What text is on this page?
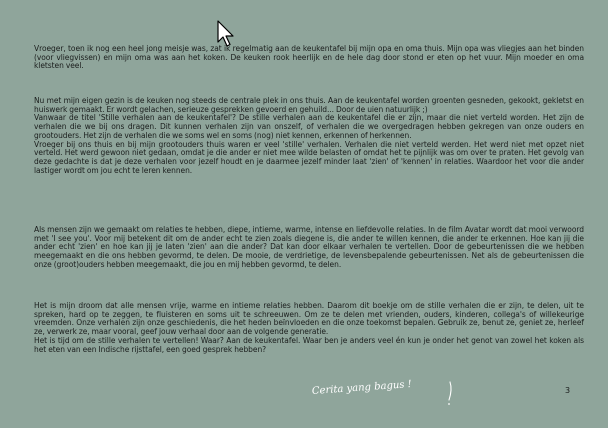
Vroeger, toen ik nog een heel jong meisje was, zat ik regelmatig aan de keukentafel bij mijn opa en oma thuis. Mijn opa was vliegjes aan het binden (voor vliegvissen) en mijn oma was aan het koken. De keuken rook heerlijk en de hele dag door stond er eten op het vuur. Mijn moeder en oma kletsten veel.
Nu met mijn eigen gezin is de keuken nog steeds de centrale plek in ons thuis. Aan de keukentafel worden groenten gesneden, gekookt, gekletst en huiswerk gemaakt. Er wordt gelachen, serieuze gesprekken gevoerd en gehuild... Door de uien natuurlijk ;)
Vanwaar de titel 'Stille verhalen aan de keukentafel'? De stille verhalen aan de keukentafel die er zijn, maar die niet verteld worden. Het zijn de verhalen die we bij ons dragen. Dit kunnen verhalen zijn van onszelf, of verhalen die we overgedragen hebben gekregen van onze ouders en grootouders. Het zijn de verhalen die we soms wel en soms (nog) niet kennen, erkennen of herkennen.
Vroeger bij ons thuis en bij mijn grootouders thuis waren er veel 'stille' verhalen. Verhalen die niet verteld werden. Het werd niet met opzet niet verteld. Het werd gewoon niet gedaan, omdat je die ander er niet mee wilde belasten of omdat het te pijnlijk was om over te praten. Het gevolg van deze gedachte is dat je deze verhalen voor jezelf houdt en je daarmee jezelf minder laat 'zien' of 'kennen' in relaties. Waardoor het voor die ander lastiger wordt om jou echt te leren kennen.
Als mensen zijn we gemaakt om relaties te hebben, diepe, intieme, warme, intense en liefdevolle relaties. In de film Avatar wordt dat mooi verwoord met 'I see you'. Voor mij betekent dit om de ander echt te zien zoals diegene is, die ander te willen kennen, die ander te erkennen. Hoe kan jij die ander echt 'zien' en hoe kan jij je laten 'zien' aan die ander? Dat kan door elkaar verhalen te vertellen. Door de gebeurtenissen die we hebben meegemaakt en die ons hebben gevormd, te delen. De mooie, de verdrietige, de levensbepalende gebeurtenissen. Net als de gebeurtenissen die onze (groot)ouders hebben meegemaakt, die jou en mij hebben gevormd, te delen.
Het is mijn droom dat alle mensen vrije, warme en intieme relaties hebben. Daarom dit boekje om de stille verhalen die er zijn, te delen, uit te spreken, hard op te zeggen, te fluisteren en soms uit te schreeuwen. Om ze te delen met vrienden, ouders, kinderen, collega's of willekeurige vreemden. Onze verhalen zijn onze geschiedenis, die het heden beïnvloeden en die onze toekomst bepalen. Gebruik ze, benut ze, geniet ze, herleef ze, verwerk ze, maar vooral, geef jouw verhaal door aan de volgende generatie.
Het is tijd om de stille verhalen te vertellen! Waar? Aan de keukentafel. Waar ben je anders veel én kun je onder het genot van zowel het koken als het eten van een Indische rijsttafel, een goed gesprek hebben?
Cerita yang bagus !	3
